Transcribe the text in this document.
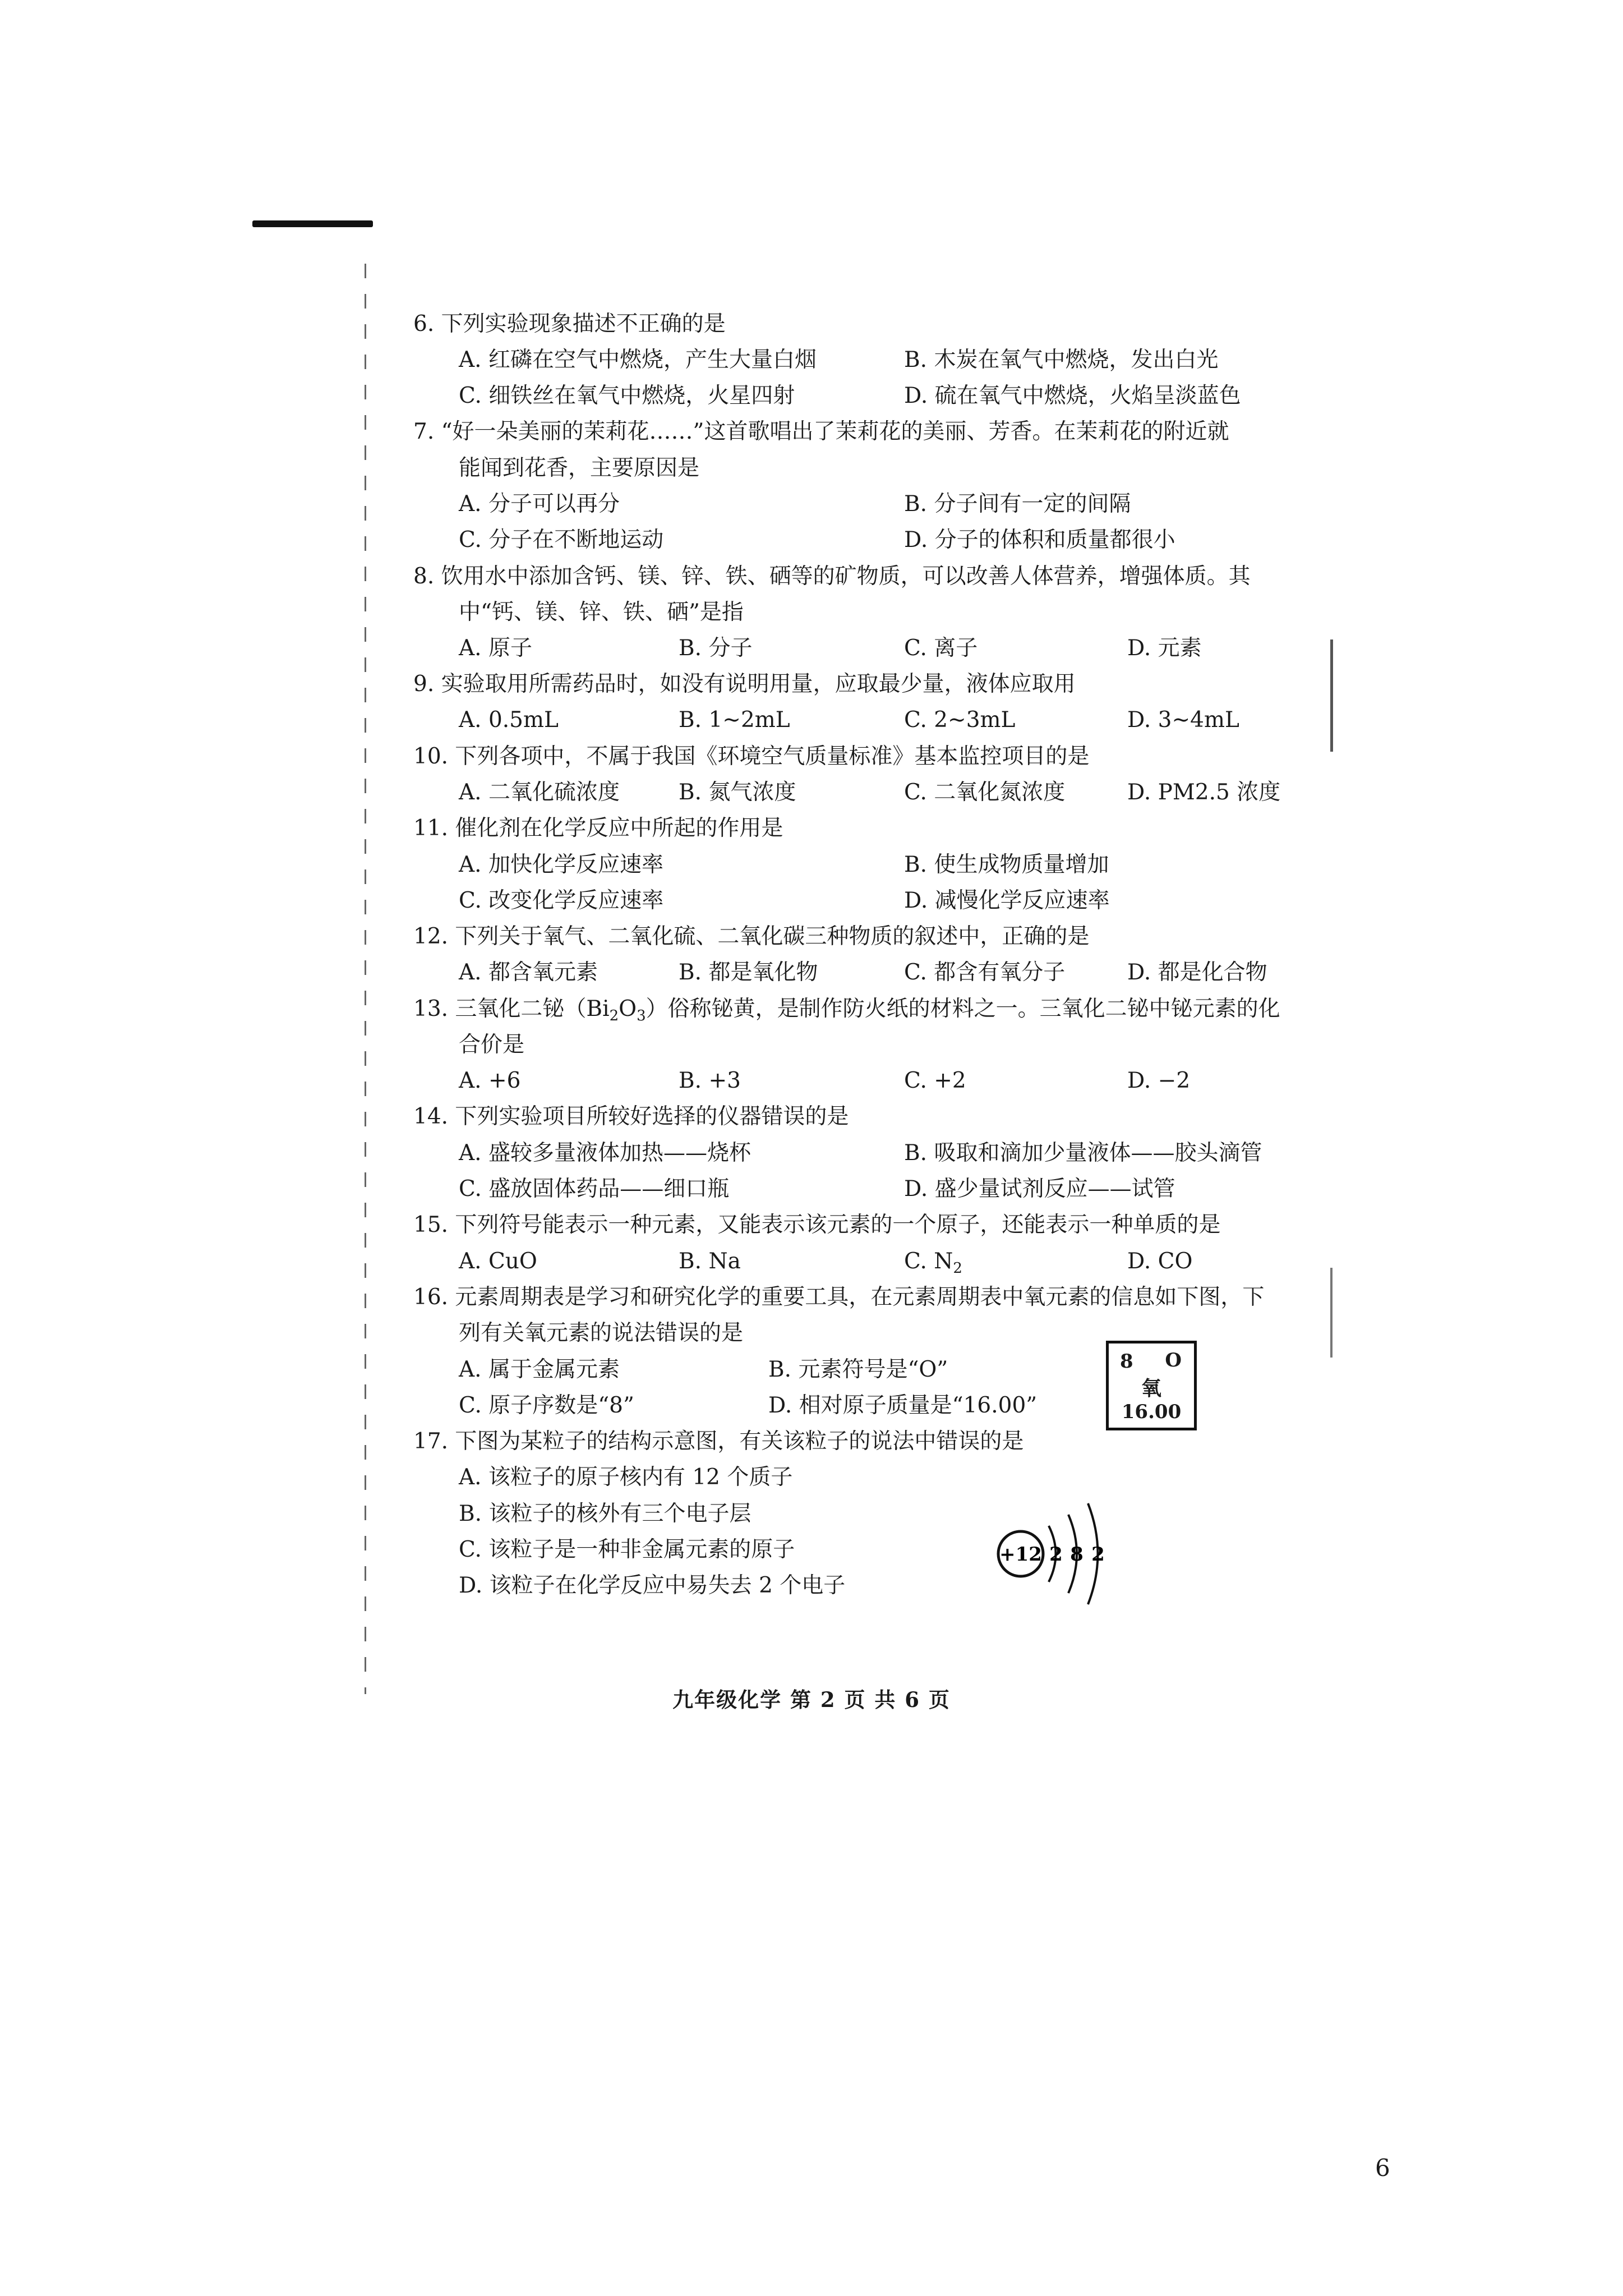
6. 下列实验现象描述不正确的是
A. 红磷在空气中燃烧，产生大量白烟	B. 木炭在氧气中燃烧，发出白光
C. 细铁丝在氧气中燃烧，火星四射	D. 硫在氧气中燃烧，火焰呈淡蓝色
7. “好一朵美丽的茉莉花……”这首歌唱出了茉莉花的美丽、芳香。在茉莉花的附近就
能闻到花香，主要原因是
A. 分子可以再分	B. 分子间有一定的间隔
C. 分子在不断地运动	D. 分子的体积和质量都很小
8. 饮用水中添加含钙、镁、锌、铁、硒等的矿物质，可以改善人体营养，增强体质。其
中“钙、镁、锌、铁、硒”是指
A. 原子	B. 分子	C. 离子	D. 元素
9. 实验取用所需药品时，如没有说明用量，应取最少量，液体应取用
A. 0.5mL	B. 1~2mL	C. 2~3mL	D. 3~4mL
10. 下列各项中，不属于我国《环境空气质量标准》基本监控项目的是
A. 二氧化硫浓度	B. 氮气浓度	C. 二氧化氮浓度	D. PM2.5 浓度
11. 催化剂在化学反应中所起的作用是
A. 加快化学反应速率	B. 使生成物质量增加
C. 改变化学反应速率	D. 减慢化学反应速率
12. 下列关于氧气、二氧化硫、二氧化碳三种物质的叙述中，正确的是
A. 都含氧元素	B. 都是氧化物	C. 都含有氧分子	D. 都是化合物
13. 三氧化二铋$(Bi_2O_3)$俗称铋黄，是制作防火纸的材料之一。三氧化二铋中铋元素的化
合价是
A. +6	B. +3	C. +2	D. −2
14. 下列实验项目所较好选择的仪器错误的是
A. 盛较多量液体加热——烧杯	B. 吸取和滴加少量液体——胶头滴管
C. 盛放固体药品——细口瓶	D. 盛少量试剂反应——试管
15. 下列符号能表示一种元素，又能表示该元素的一个原子，还能表示一种单质的是
A. CuO	B. Na	C. $N_2$	D. CO
16. 元素周期表是学习和研究化学的重要工具，在元素周期表中氧元素的信息如下图，下
列有关氧元素的说法错误的是
A. 属于金属元素	B. 元素符号是“O”
C. 原子序数是“8”	D. 相对原子质量是“16.00”
8 O
氧
16.00
17. 下图为某粒子的结构示意图，有关该粒子的说法中错误的是
A. 该粒子的原子核内有 12 个质子
B. 该粒子的核外有三个电子层
C. 该粒子是一种非金属元素的原子
D. 该粒子在化学反应中易失去 2 个电子
+12 2 8 2
九年级化学 第 2 页 共 6 页
6
